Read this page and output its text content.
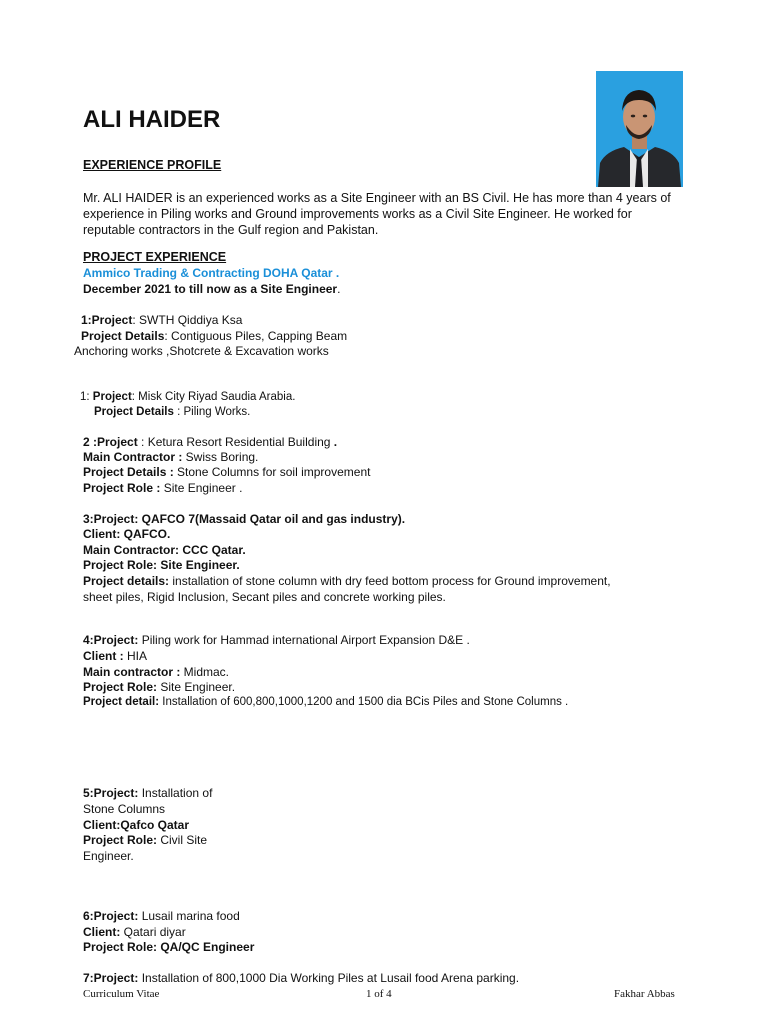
ALI HAIDER
EXPERIENCE PROFILE
Mr. ALI HAIDER is an experienced works as a Site Engineer with an BS Civil. He has more than 4 years of experience in Piling works and Ground improvements works as a Civil Site Engineer. He worked for reputable contractors in the Gulf region and Pakistan.
PROJECT EXPERIENCE
Ammico Trading & Contracting DOHA Qatar .
December 2021 to till now as a Site Engineer.
1:Project: SWTH Qiddiya Ksa
Project Details: Contiguous Piles, Capping Beam
Anchoring works ,Shotcrete & Excavation works
1: Project: Misk City Riyad Saudia Arabia.
Project Details : Piling Works.
2 :Project : Ketura Resort Residential Building .
Main Contractor : Swiss Boring.
Project Details : Stone Columns for soil improvement
Project Role : Site Engineer .
3:Project: QAFCO 7(Massaid Qatar oil and gas industry).
Client: QAFCO.
Main Contractor: CCC Qatar.
Project Role: Site Engineer.
Project details: installation of stone column with dry feed bottom process for Ground improvement,
sheet piles, Rigid Inclusion, Secant piles and concrete working piles.
4:Project: Piling work for Hammad international Airport Expansion D&E .
Client : HIA
Main contractor : Midmac.
Project Role: Site Engineer.
Project detail: Installation of 600,800,1000,1200 and 1500 dia BCis Piles and Stone Columns .
5:Project: Installation of
Stone Columns
Client:Qafco Qatar
Project Role: Civil Site
Engineer.
6:Project: Lusail marina food
Client: Qatari diyar
Project Role: QA/QC Engineer
7:Project: Installation of 800,1000 Dia Working Piles at Lusail food Arena parking.
Curriculum Vitae	1 of 4	Fakhar Abbas
